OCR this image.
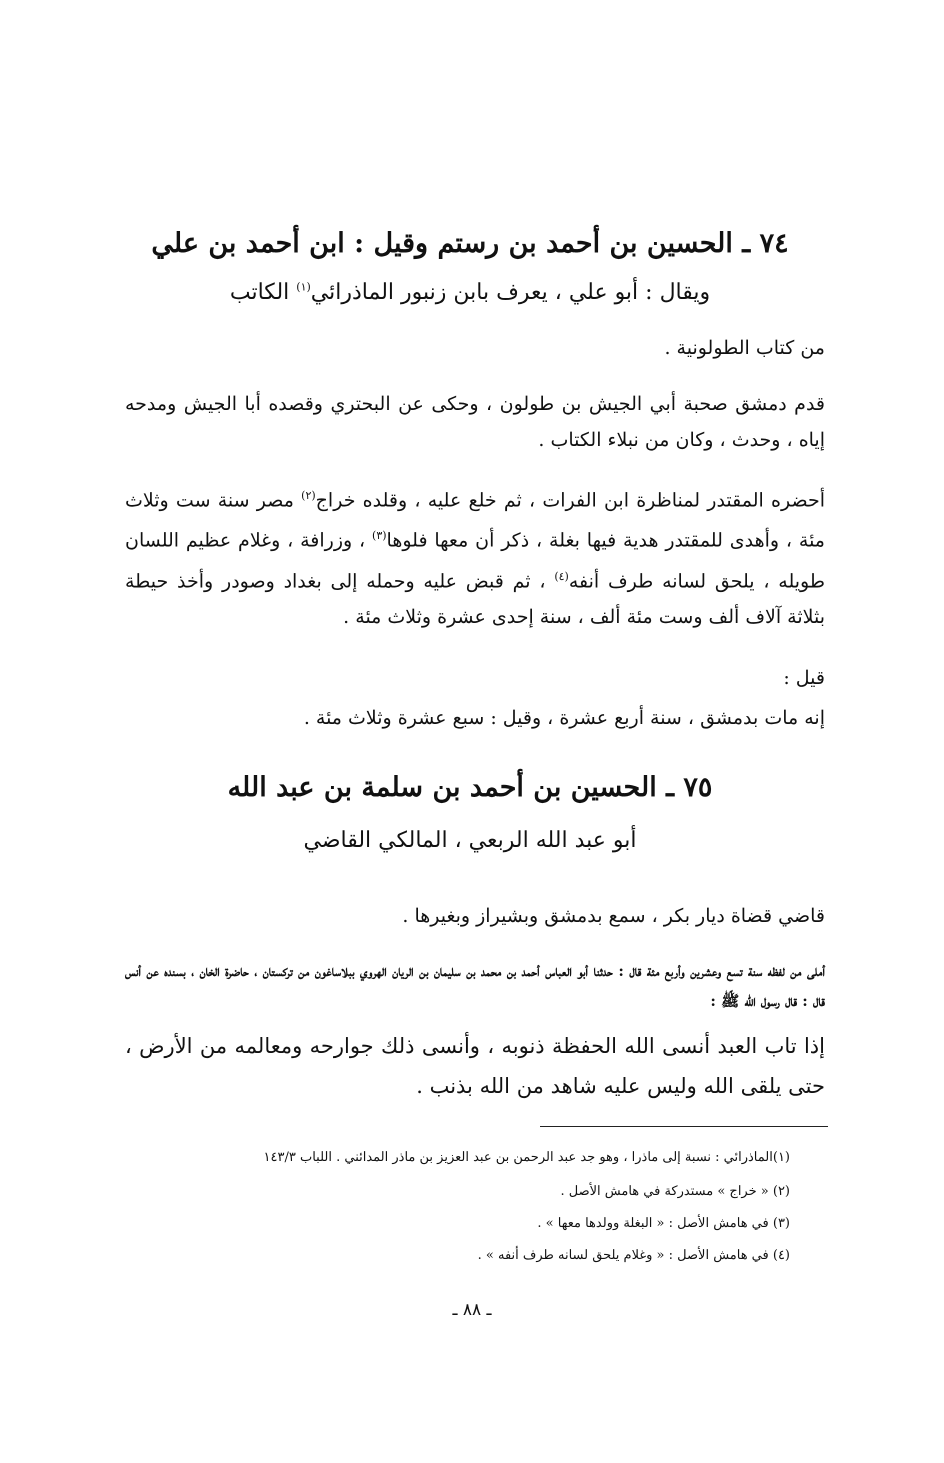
٧٤ ـ الحسين بن أحمد بن رستم وقيل : ابن أحمد بن علي
ويقال : أبو علي ، يعرف بابن زنبور الماذرائي$^{(١)}$ الكاتب
من كتاب الطولونية .
قدم دمشق صحبة أبي الجيش بن طولون ، وحكى عن البحتري وقصده أبا الجيش ومدحه إياه ، وحدث ، وكان من نبلاء الكتاب .
أحضره المقتدر لمناظرة ابن الفرات ، ثم خلع عليه ، وقلده خراج$^{(٢)}$ مصر سنة ست وثلاث مئة ، وأهدى للمقتدر هدية فيها بغلة ، ذكر أن معها فلوها$^{(٣)}$ ، وزرافة ، وغلام عظيم اللسان طويله ، يلحق لسانه طرف أنفه$^{(٤)}$ ، ثم قبض عليه وحمله إلى بغداد وصودر وأخذ حيطة بثلاثة آلاف ألف وست مئة ألف ، سنة إحدى عشرة وثلاث مئة .
قيل :
إنه مات بدمشق ، سنة أربع عشرة ، وقيل : سبع عشرة وثلاث مئة .
٧٥ ـ الحسين بن أحمد بن سلمة بن عبد الله
أبو عبد الله الربعي ، المالكي القاضي
قاضي قضاة ديار بكر ، سمع بدمشق وبشيراز وبغيرها .
أملى من لفظه سنة تسع وعشرين وأربع مئة قال : حدثنا أبو العباس أحمد بن محمد بن سليمان بن الريان الهروي ببلاساغون من تركستان ، حاضرة الخان ، بسنده عن أنس قال : قال رسول الله ﷺ :
إذا تاب العبد أنسى الله الحفظة ذنوبه ، وأنسى ذلك جوارحه ومعالمه من الأرض ، حتى يلقى الله وليس عليه شاهد من الله بذنب .
(١)الماذرائي : نسبة إلى ماذرا ، وهو جد عبد الرحمن بن عبد العزيز بن ماذر المدائني . اللباب ١٤٣/٣
(٢) « خراج » مستدركة في هامش الأصل .
(٣) في هامش الأصل : « البغلة وولدها معها » .
(٤) في هامش الأصل : « وغلام يلحق لسانه طرف أنفه » .
ـ ٨٨ ـ
